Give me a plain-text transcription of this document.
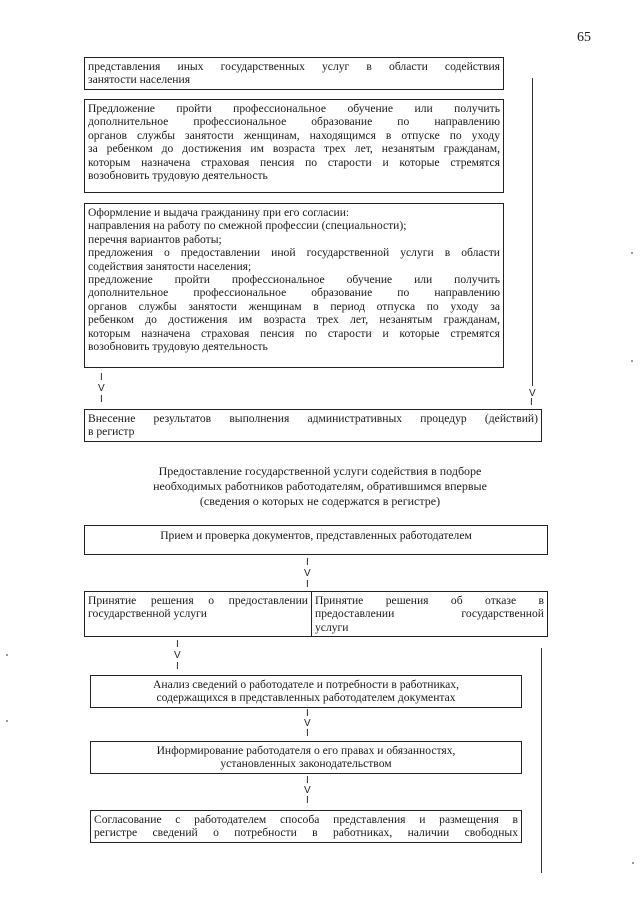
65
представления иных государственных услуг в области содействия
занятости населения
Предложение пройти профессиональное обучение или получить
дополнительное профессиональное образование по направлению
органов службы занятости женщинам, находящимся в отпуске по уходу
за ребенком до достижения им возраста трех лет, незанятым гражданам,
которым назначена страховая пенсия по старости и которые стремятся
возобновить трудовую деятельность
Оформление и выдача гражданину при его согласии:
направления на работу по смежной профессии (специальности);
перечня вариантов работы;
предложения о предоставлении иной государственной услуги в области
содействия занятости населения;
предложение пройти профессиональное обучение или получить
дополнительное профессиональное образование по направлению
органов службы занятости женщинам в период отпуска по уходу за
ребенком до достижения им возраста трех лет, незанятым гражданам,
которым назначена страховая пенсия по старости и которые стремятся
возобновить трудовую деятельность
V
I
I
V
I
Внесение результатов выполнения административных процедур (действий)
в регистр
Предоставление государственной услуги содействия в подборе
необходимых работников работодателям, обратившимся впервые
(сведения о которых не содержатся в регистре)
Прием и проверка документов, представленных работодателем
I
V
I
Принятие решения о предоставлении
государственной услуги
Принятие решения об отказе в
предоставлении государственной
услуги
I
V
I
Анализ сведений о работодателе и потребности в работниках,
содержащихся в представленных работодателем документах
I
V
I
Информирование работодателя о его правах и обязанностях,
установленных законодательством
I
V
I
Согласование с работодателем способа представления и размещения в
регистре сведений о потребности в работниках, наличии свободных
